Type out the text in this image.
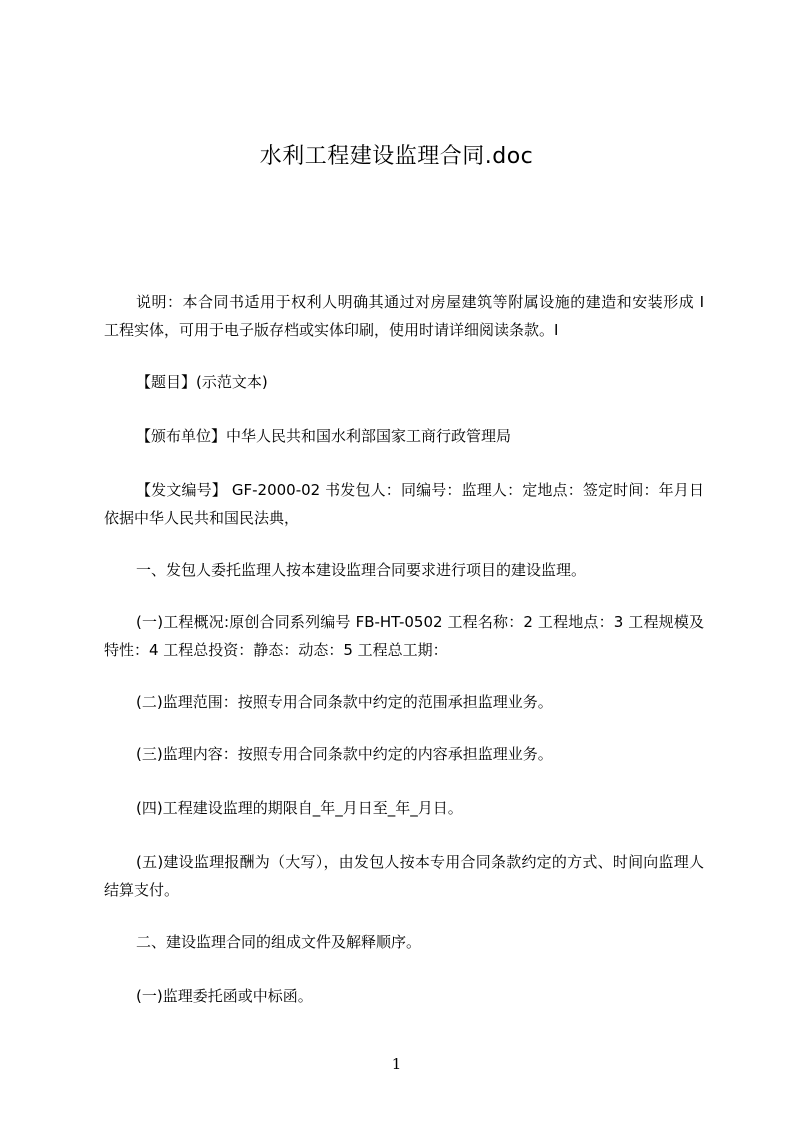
水利工程建设监理合同.doc

说明：本合同书适用于权利人明确其通过对房屋建筑等附属设施的建造和安装形成 I 工程实体，可用于电子版存档或实体印刷，使用时请详细阅读条款。I

【题目】(示范文本)

【颁布单位】中华人民共和国水利部国家工商行政管理局

【发文编号】 GF-2000-02 书发包人：同编号：监理人：定地点：签定时间：年月日依据中华人民共和国民法典，

一、发包人委托监理人按本建设监理合同要求进行项目的建设监理。

(一)工程概况:原创合同系列编号 FB-HT-0502 工程名称：2 工程地点：3 工程规模及特性：4 工程总投资：静态：动态：5 工程总工期：

(二)监理范围：按照专用合同条款中约定的范围承担监理业务。

(三)监理内容：按照专用合同条款中约定的内容承担监理业务。

(四)工程建设监理的期限自_年_月日至_年_月日。

(五)建设监理报酬为（大写），由发包人按本专用合同条款约定的方式、时间向监理人结算支付。

二、建设监理合同的组成文件及解释顺序。

(一)监理委托函或中标函。

1
